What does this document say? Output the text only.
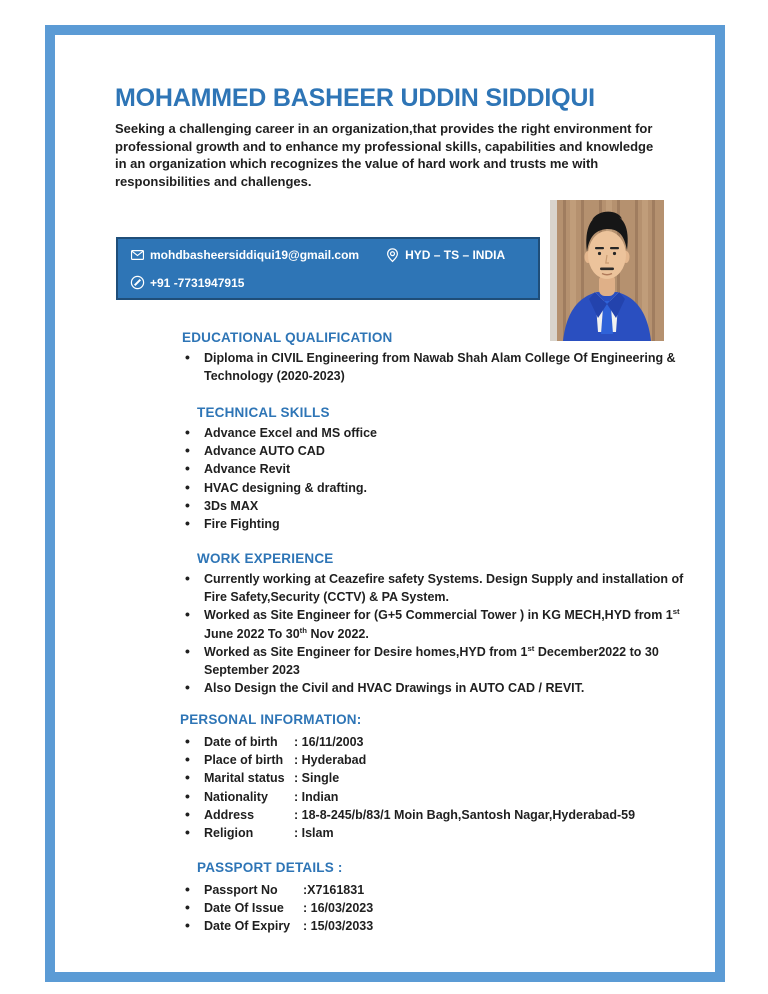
MOHAMMED BASHEER UDDIN SIDDIQUI

Seeking a challenging career in an organization,that provides the right environment for professional growth and to enhance my professional skills, capabilities and knowledge in an organization which recognizes the value of hard work and trusts me with responsibilities and challenges.

mohdbasheersiddiqui19@gmail.com	HYD – TS – INDIA
+91 -7731947915
EDUCATIONAL QUALIFICATION
• Diploma in CIVIL Engineering from Nawab Shah Alam College Of Engineering & Technology (2020-2023)
TECHNICAL SKILLS
• Advance Excel and MS office
• Advance AUTO CAD
• Advance Revit
• HVAC designing & drafting.
• 3Ds MAX
• Fire Fighting
WORK EXPERIENCE
• Currently working at Ceazefire safety Systems. Design Supply and installation of Fire Safety,Security (CCTV) & PA System.
• Worked as Site Engineer for (G+5 Commercial Tower ) in KG MECH,HYD from 1st June 2022 To 30th Nov 2022.
• Worked as Site Engineer for Desire homes,HYD from 1st December2022 to 30 September 2023
• Also Design the Civil and HVAC Drawings in AUTO CAD / REVIT.
PERSONAL INFORMATION:
• Date of birth : 16/11/2003
• Place of birth : Hyderabad
• Marital status : Single
• Nationality : Indian
• Address	: 18-8-245/b/83/1 Moin Bagh,Santosh Nagar,Hyderabad-59
• Religion	: Islam
PASSPORT DETAILS :
• Passport No :X7161831
• Date Of Issue : 16/03/2023
• Date Of Expiry : 15/03/2033
